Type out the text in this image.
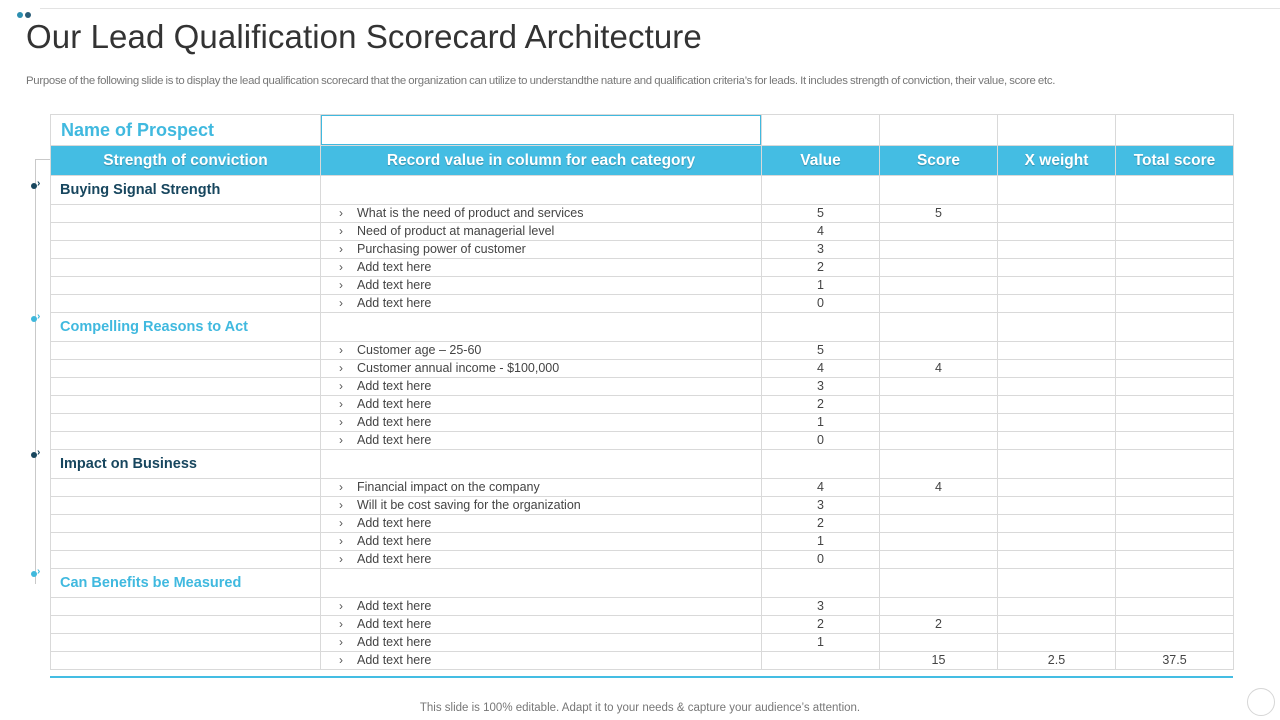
Our Lead Qualification Scorecard Architecture
Purpose of the following slide is to display the lead qualification scorecard that the organization can utilize to understandthe nature and qualification criteria’s for leads. It includes strength of conviction, their value, score etc.
›
›
›
›
Name of Prospect					
Strength of conviction	Record value in column for each category	Value	Score	X weight	Total score
Buying Signal Strength					
	› What is the need of product and services	5	5		
	› Need of product at managerial level	4			
	› Purchasing power of customer	3			
	› Add text here	2			
	› Add text here	1			
	› Add text here	0			
Compelling Reasons to Act					
	› Customer age – 25-60	5			
	› Customer annual income - $100,000	4	4		
	› Add text here	3			
	› Add text here	2			
	› Add text here	1			
	› Add text here	0			
Impact on Business					
	› Financial impact on the company	4	4		
	› Will it be cost saving for the organization	3			
	› Add text here	2			
	› Add text here	1			
	› Add text here	0			
Can Benefits be Measured					
	› Add text here	3			
	› Add text here	2	2		
	› Add text here	1			
	› Add text here		15	2.5	37.5
This slide is 100% editable. Adapt it to your needs & capture your audience’s attention.
